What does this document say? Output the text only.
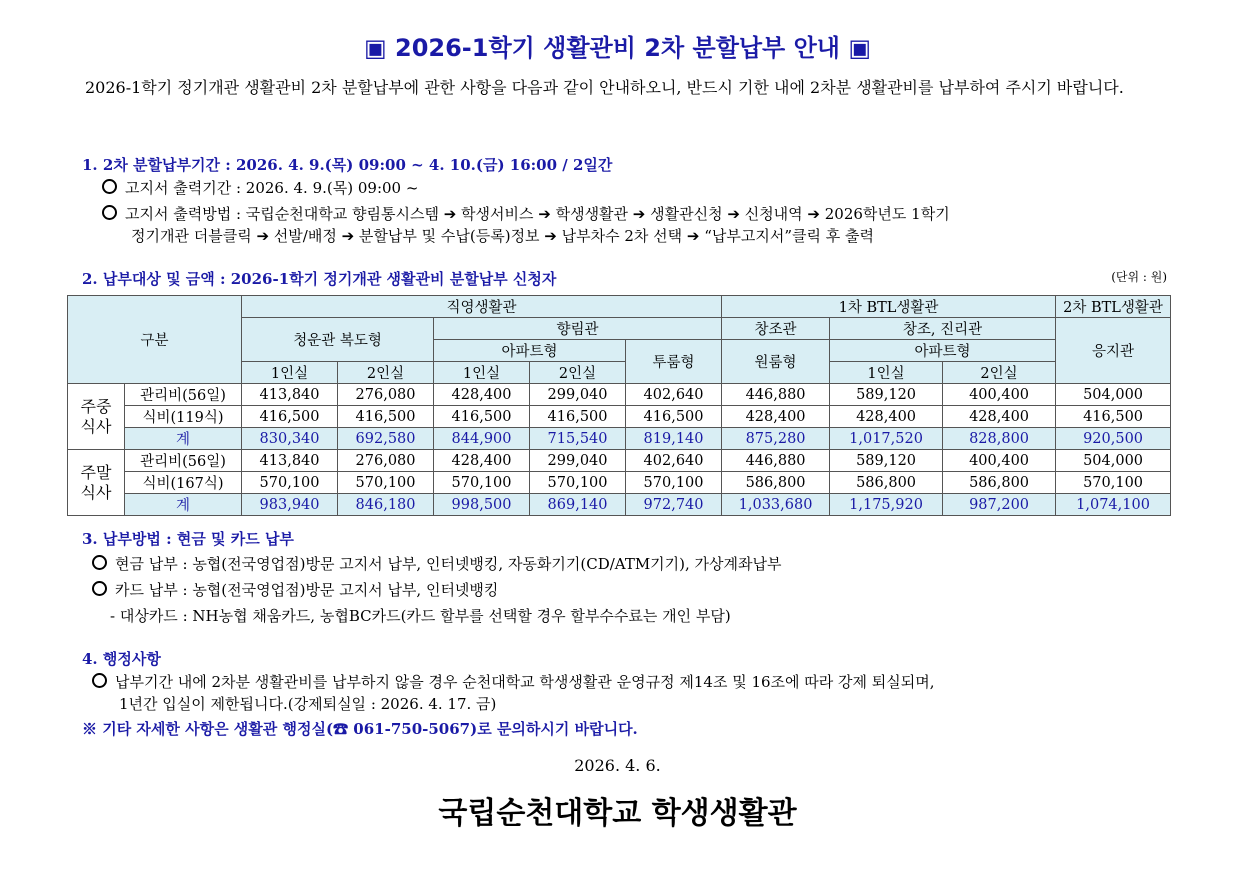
▣ 2026-1학기 생활관비 2차 분할납부 안내 ▣
2026-1학기 정기개관 생활관비 2차 분할납부에 관한 사항을 다음과 같이 안내하오니, 반드시 기한 내에 2차분 생활관비를 납부하여 주시기 바랍니다.
1. 2차 분할납부기간 : 2026. 4. 9.(목) 09:00 ~ 4. 10.(금) 16:00 / 2일간
고지서 출력기간 : 2026. 4. 9.(목) 09:00 ~
고지서 출력방법 : 국립순천대학교 향림통시스템 ➔ 학생서비스 ➔ 학생생활관 ➔ 생활관신청 ➔ 신청내역 ➔ 2026학년도 1학기
정기개관 더블클릭 ➔ 선발/배정 ➔ 분할납부 및 수납(등록)정보 ➔ 납부차수 2차 선택 ➔ “납부고지서”클릭 후 출력
2. 납부대상 및 금액 : 2026-1학기 정기개관 생활관비 분할납부 신청자	(단위 : 원)
구분		직영생활관					1차 BTL생활관			2차 BTL생활관
		청운관 복도형		향림관			창조관	창조, 진리관		응지관
				아파트형		투룸형	원룸형	아파트형		
		1인실	2인실	1인실	2인실			1인실	2인실	
주중
식사	관리비(56일)	413,840	276,080	428,400	299,040	402,640	446,880	589,120	400,400	504,000
	식비(119식)	416,500	416,500	416,500	416,500	416,500	428,400	428,400	428,400	416,500
	계	830,340	692,580	844,900	715,540	819,140	875,280	1,017,520	828,800	920,500
주말
식사	관리비(56일)	413,840	276,080	428,400	299,040	402,640	446,880	589,120	400,400	504,000
	식비(167식)	570,100	570,100	570,100	570,100	570,100	586,800	586,800	586,800	570,100
	계	983,940	846,180	998,500	869,140	972,740	1,033,680	1,175,920	987,200	1,074,100
3. 납부방법 : 현금 및 카드 납부
현금 납부 : 농협(전국영업점)방문 고지서 납부, 인터넷뱅킹, 자동화기기(CD/ATM기기), 가상계좌납부
카드 납부 : 농협(전국영업점)방문 고지서 납부, 인터넷뱅킹
- 대상카드 : NH농협 채움카드, 농협BC카드(카드 할부를 선택할 경우 할부수수료는 개인 부담)
4. 행정사항
납부기간 내에 2차분 생활관비를 납부하지 않을 경우 순천대학교 학생생활관 운영규정 제14조 및 16조에 따라 강제 퇴실되며,
1년간 입실이 제한됩니다.(강제퇴실일 : 2026. 4. 17. 금)
※ 기타 자세한 사항은 생활관 행정실(☎ 061-750-5067)로 문의하시기 바랍니다.
2026. 4. 6.
국립순천대학교 학생생활관
